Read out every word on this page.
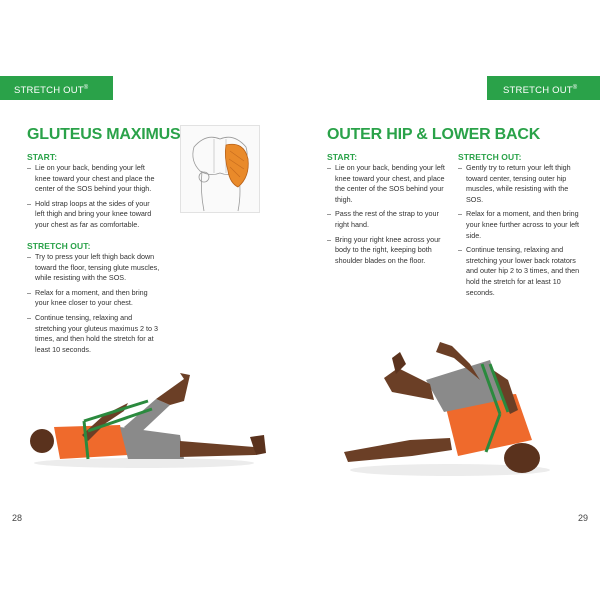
STRETCH OUT® STRAP
STRETCH OUT® STRAP
GLUTEUS MAXIMUS
START:
– Lie on your back, bending your left knee toward your chest and place the center of the SOS behind your thigh.
– Hold strap loops at the sides of your left thigh and bring your knee toward your chest as far as comfortable.
STRETCH OUT:
– Try to press your left thigh back down toward the floor, tensing glute muscles, while resisting with the SOS.
– Relax for a moment, and then bring your knee closer to your chest.
– Continue tensing, relaxing and stretching your gluteus maximus 2 to 3 times, and then hold the stretch for at least 10 seconds.
28
OUTER HIP & LOWER BACK
START:
– Lie on your back, bending your left knee toward your chest, and place the center of the SOS behind your thigh.
– Pass the rest of the strap to your right hand.
– Bring your right knee across your body to the right, keeping both shoulder blades on the floor.
STRETCH OUT:
– Gently try to return your left thigh toward center, tensing outer hip muscles, while resisting with the SOS.
– Relax for a moment, and then bring your knee further across to your left side.
– Continue tensing, relaxing and stretching your lower back rotators and outer hip 2 to 3 times, and then hold the stretch for at least 10 seconds.
29
